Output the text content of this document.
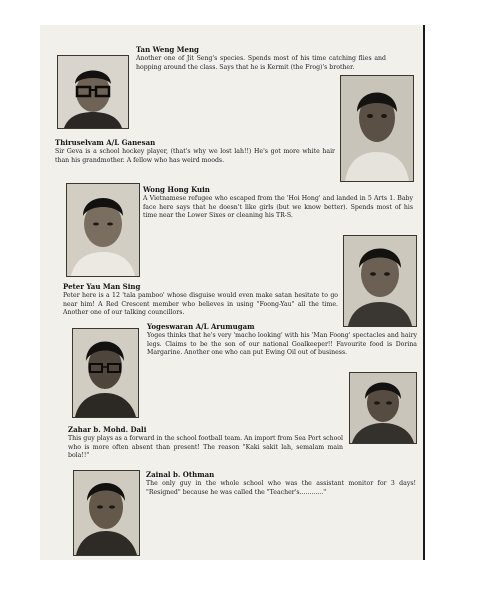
Tan Weng Meng
Another one of Jit Seng's species. Spends most of his time catching flies and hopping around the class. Says that he is Kermit (the Frog)'s brother.
Thiruselvam A/L Ganesan
Sir Geva is a school hockey player, (that's why we lost lah!!) He's got more white hair than his grandmother. A fellow who has weird moods.
Wong Hong Kuin
A Vietnamese refugee who escaped from the 'Hoi Hong' and landed in 5 Arts 1. Baby face here says that he doesn't like girls (but we know better). Spends most of his time near the Lower Sixes or cleaning his TR-S.
Peter Yau Man Sing
Peter here is a 12 'tala pamboo' whose disguise would even make satan hesitate to go near him! A Red Crescent member who believes in using "Foong-Yau" all the time. Another one of our talking councillors.
Yogeswaran A/L Arumugam
Yoges thinks that he's very 'macho looking' with his 'Man Foong' spectacles and hairy legs. Claims to be the son of our national Goalkeeper!! Favourite food is Dorina Margarine. Another one who can put Ewing Oil out of business.
Zahar b. Mohd. Dali
This guy plays as a forward in the school football team. An import from Sea Port school who is more often absent than present! The reason "Kaki sakit lah, semalam main bola!!"
Zainal b. Othman
The only guy in the whole school who was the assistant monitor for 3 days! "Resigned" because he was called the "Teacher's............"
